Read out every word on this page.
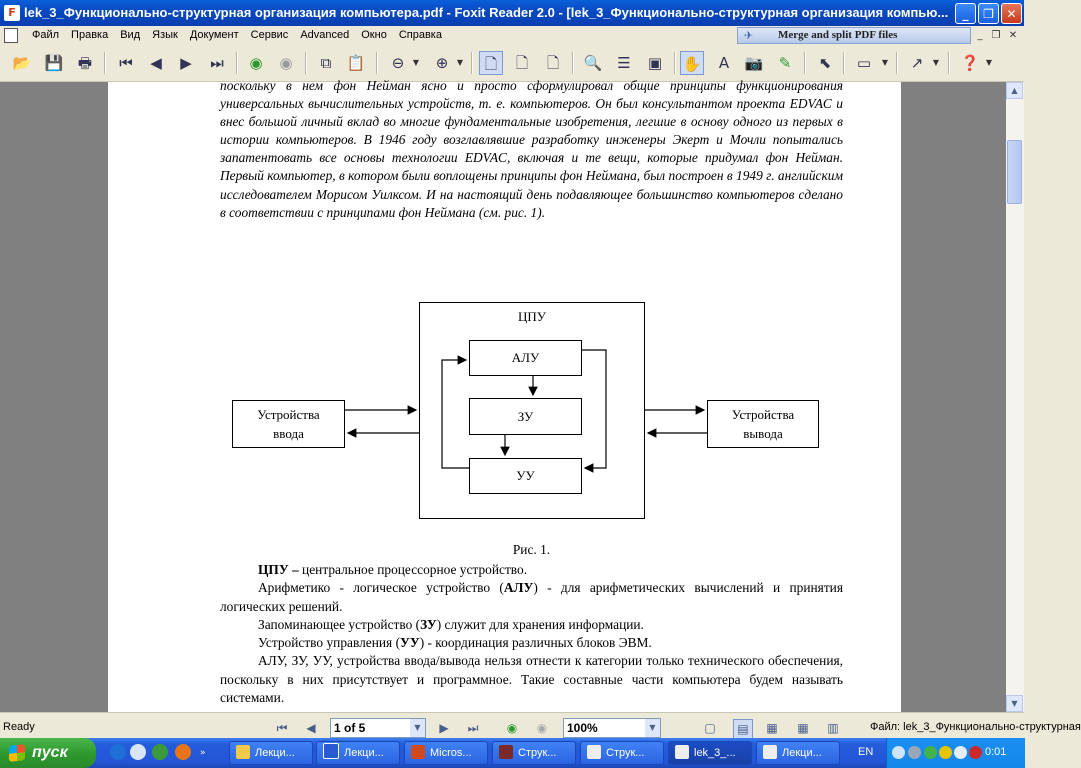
F lek_3_Функционально-структурная организация компьютера.pdf - Foxit Reader 2.0 - [lek_3_Функционально-структурная организация компью...	_	❐	✕
Файл	Правка	Вид	Язык	Документ	Сервис	Advanced	Окно	Справка	✈ Merge and split PDF files	_ ❐ ✕
📂 💾 🖶	⏮	◀	▶	⏭	◉	◉	⧉	📋	⊖	▼	⊕	▼	🗋	🗋	🗋	🔍 ☰	▣	✋	A	📷	✎	⬉	▭	▼	↗	▼ ❓ ▼
поскольку в нем фон Нейман ясно и просто сформулировал общие принципы функционирования универсальных вычислительных устройств, т. е. компьютеров. Он был консультантом проекта EDVAC и внес большой личный вклад во многие фундаментальные изобретения, легшие в основу одного из первых в истории компьютеров. В 1946 году возглавлявшие разработку инженеры Экерт и Мочли попытались запатентовать все основы технологии EDVAC, включая и те вещи, которые придумал фон Нейман. Первый компьютер, в котором были воплощены принципы фон Неймана, был построен в 1949 г. английским исследователем Морисом Уилксом. И на настоящий день подавляющее большинство компьютеров сделано в соответствии с принципами фон Неймана (см. рис. 1).
ЦПУ
АЛУ
ЗУ
УУ
Устройства
ввода
Устройства
вывода
Рис. 1.

ЦПУ – центральное процессорное устройство.

Арифметико - логическое устройство (АЛУ) - для арифметических вычислений и принятия логических решений.

Запоминающее устройство (ЗУ) служит для хранения информации.

Устройство управления (УУ) - координация различных блоков ЭВМ.

АЛУ, ЗУ, УУ, устройства ввода/вывода нельзя отнести к категории только технического обеспечения, поскольку в них присутствует и программное. Такие составные части компьютера будем называть системами.

▲
▼
Ready	⏮	◀	1 of 5	▼	▶	⏭	◉	◉	100%	▼	▢	▤	▦ ▦ ▥	Файл: lek_3_Функционально-структурная
пуск	»	Лекци...	Лекци...	Micros...	Струк...	Струк...	lek_3_...	Лекци...	EN	0:01
